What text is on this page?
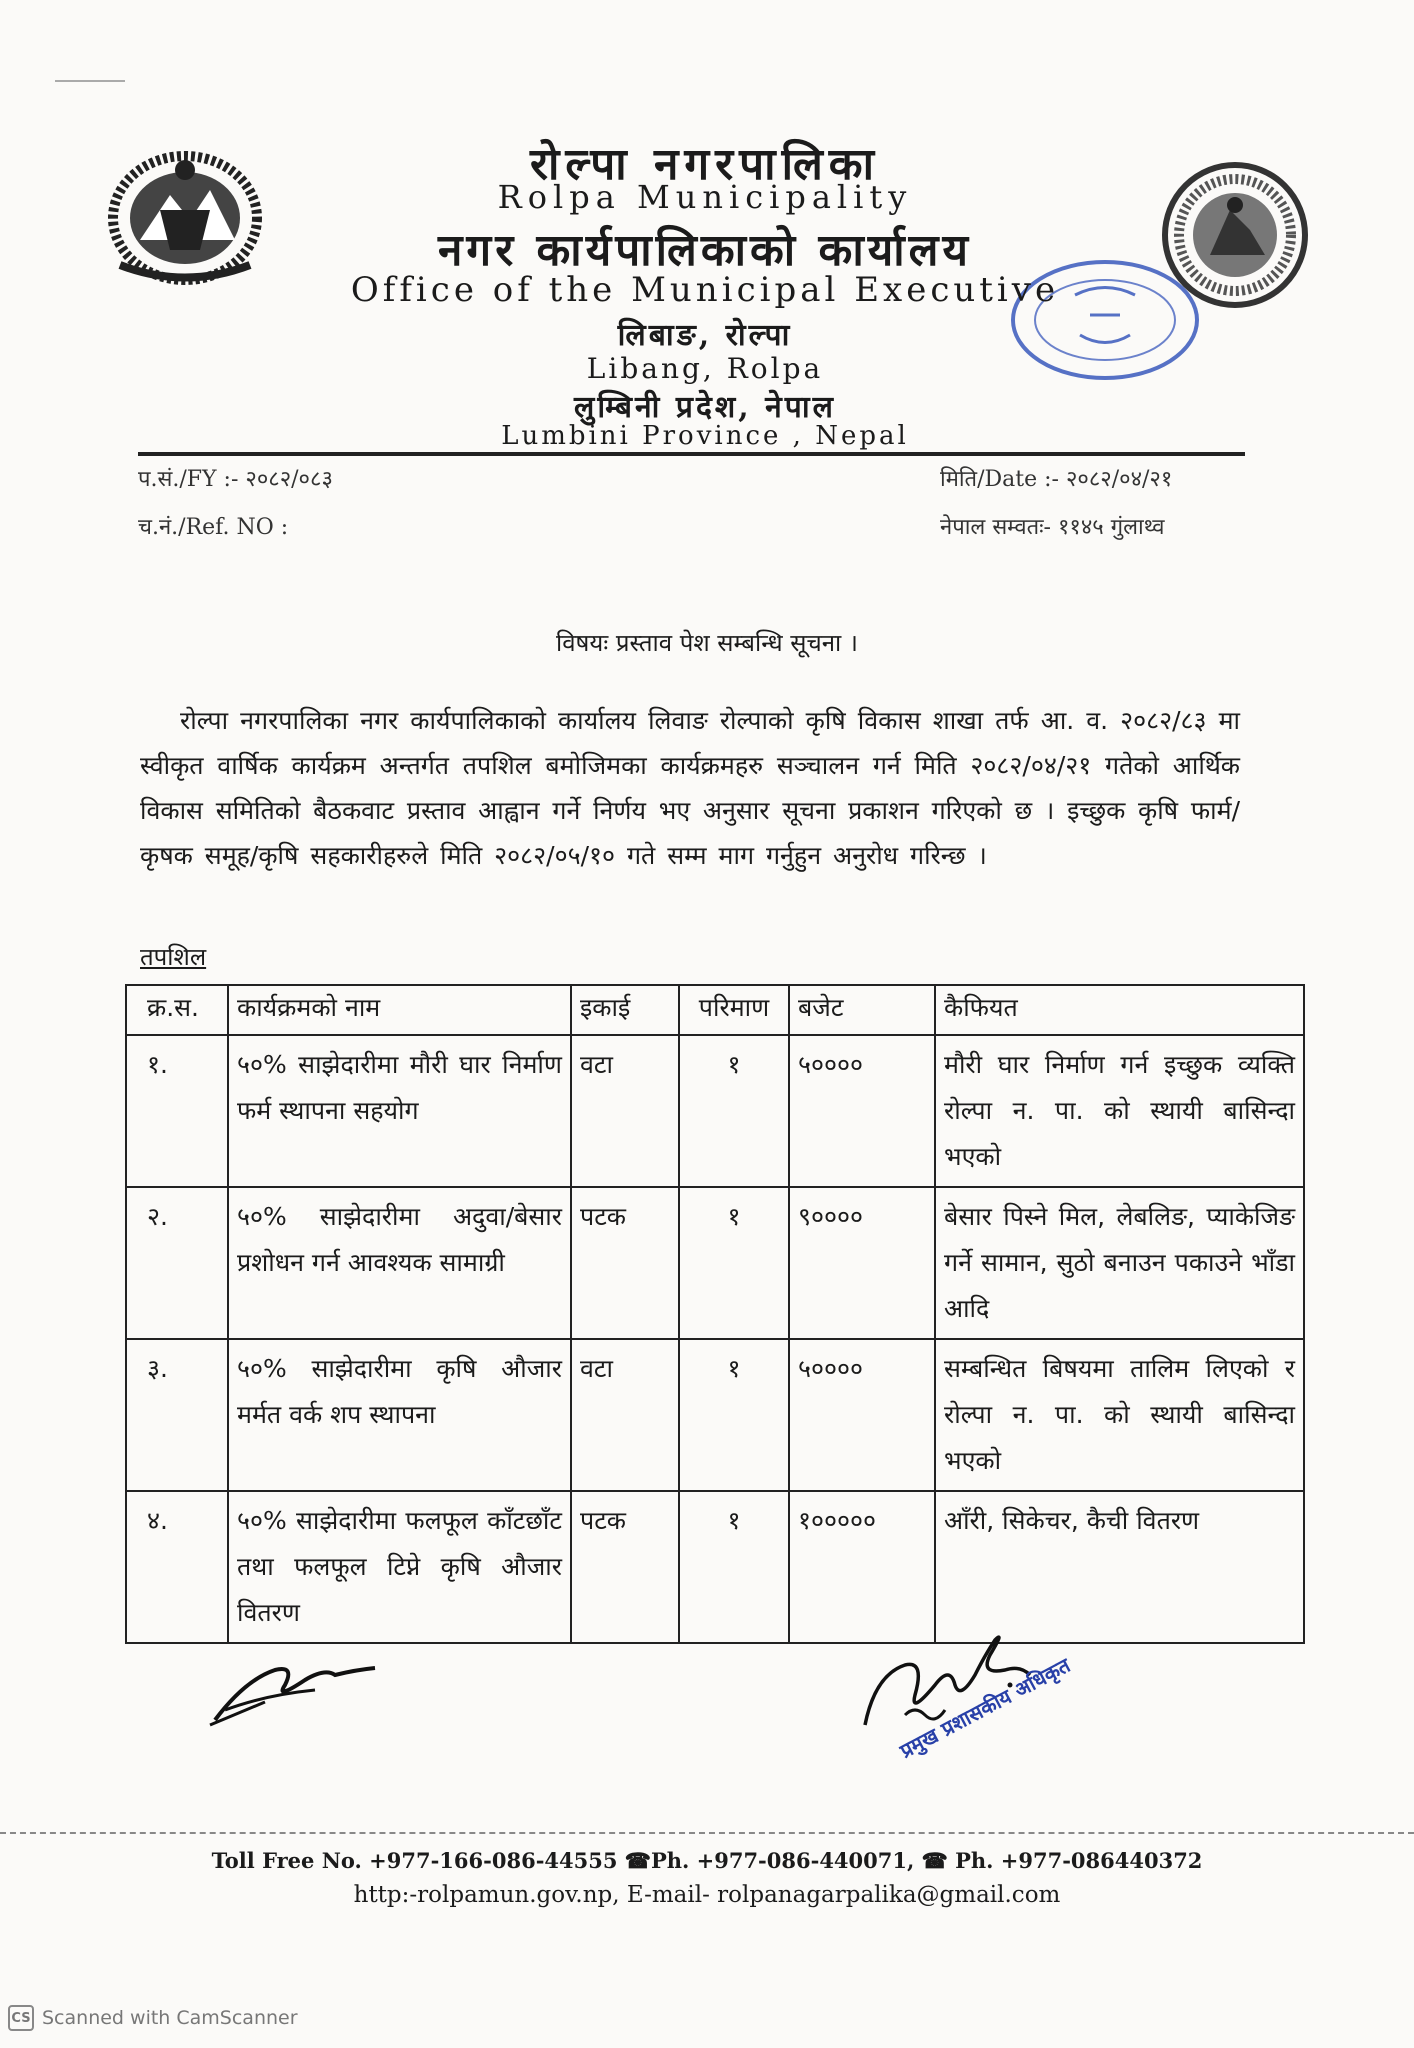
रोल्पा नगरपालिका
Rolpa Municipality
नगर कार्यपालिकाको कार्यालय
Office of the Municipal Executive
लिबाङ, रोल्पा
Libang, Rolpa
लुम्बिनी प्रदेश, नेपाल
Lumbini Province , Nepal
प.सं./FY :- २०८२/०८३
च.नं./Ref. NO :
मिति/Date :- २०८२/०४/२१
नेपाल सम्वतः- ११४५ गुंलाथ्व
विषयः प्रस्ताव पेश सम्बन्धि सूचना ।
रोल्पा नगरपालिका नगर कार्यपालिकाको कार्यालय लिवाङ रोल्पाको कृषि विकास शाखा तर्फ आ. व. २०८२/८३ मा स्वीकृत वार्षिक कार्यक्रम अन्तर्गत तपशिल बमोजिमका कार्यक्रमहरु सञ्चालन गर्न मिति २०८२/०४/२१ गतेको आर्थिक विकास समितिको बैठकवाट प्रस्ताव आह्वान गर्ने निर्णय भए अनुसार सूचना प्रकाशन गरिएको छ । इच्छुक कृषि फार्म/कृषक समूह/कृषि सहकारीहरुले मिति २०८२/०५/१० गते सम्म माग गर्नुहुन अनुरोध गरिन्छ ।
तपशिल
क्र.स.	कार्यक्रमको नाम	इकाई	परिमाण	बजेट	कैफियत
१.	५०% साझेदारीमा मौरी घार निर्माण फर्म स्थापना सहयोग	वटा	१	५००००	मौरी घार निर्माण गर्न इच्छुक व्यक्ति रोल्पा न. पा. को स्थायी बासिन्दा भएको
२.	५०% साझेदारीमा अदुवा/बेसार प्रशोधन गर्न आवश्यक सामाग्री	पटक	१	९००००	बेसार पिस्ने मिल, लेबलिङ, प्याकेजिङ गर्ने सामान, सुठो बनाउन पकाउने भाँडा आदि
३.	५०% साझेदारीमा कृषि औजार मर्मत वर्क शप स्थापना	वटा	१	५००००	सम्बन्धित बिषयमा तालिम लिएको र रोल्पा न. पा. को स्थायी बासिन्दा भएको
४.	५०% साझेदारीमा फलफूल काँटछाँट तथा फलफूल टिप्ने कृषि औजार वितरण	पटक	१	१०००००	आँरी, सिकेचर, कैची वितरण
प्रमुख प्रशासकीय अधिकृत
Toll Free No. +977-166-086-44555 ☎Ph. +977-086-440071, ☎ Ph. +977-086440372
http:-rolpamun.gov.np, E-mail- rolpanagarpalika@gmail.com
CS Scanned with CamScanner
